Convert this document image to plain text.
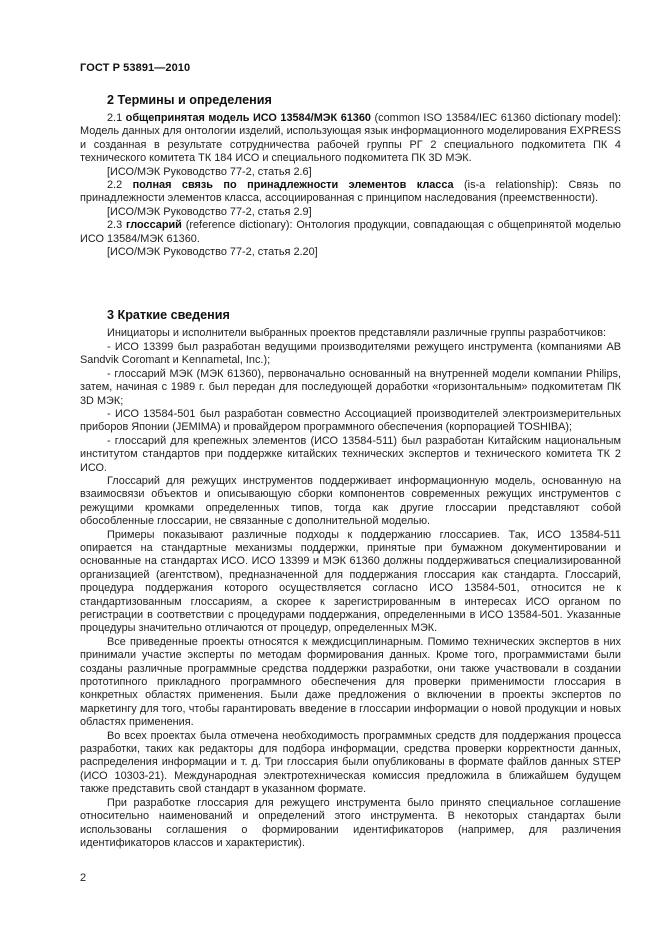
ГОСТ Р 53891—2010
2 Термины и определения

2.1 общепринятая модель ИСО 13584/МЭК 61360 (common ISO 13584/IEC 61360 dictionary model): Модель данных для онтологии изделий, использующая язык информационного моделирования EXPRESS и созданная в результате сотрудничества рабочей группы РГ 2 специального подкомитета ПК 4 технического комитета ТК 184 ИСО и специального подкомитета ПК 3D МЭК.

[ИСО/МЭК Руководство 77-2, статья 2.6]

2.2 полная связь по принадлежности элементов класса (is-a relationship): Связь по принадлежности элементов класса, ассоциированная с принципом наследования (преемственности).

[ИСО/МЭК Руководство 77-2, статья 2.9]

2.3 глоссарий (reference dictionary): Онтология продукции, совпадающая с общепринятой моделью ИСО 13584/МЭК 61360.

[ИСО/МЭК Руководство 77-2, статья 2.20]

3 Краткие сведения

Инициаторы и исполнители выбранных проектов представляли различные группы разработчиков:

- ИСО 13399 был разработан ведущими производителями режущего инструмента (компаниями AB Sandvik Coromant и Kennametal, Inc.);

- глоссарий МЭК (МЭК 61360), первоначально основанный на внутренней модели компании Philips, затем, начиная с 1989 г. был передан для последующей доработки «горизонтальным» подкомитетам ПК 3D МЭК;

- ИСО 13584-501 был разработан совместно Ассоциацией производителей электроизмерительных приборов Японии (JEMIMA) и провайдером программного обеспечения (корпорацией TOSHIBA);

- глоссарий для крепежных элементов (ИСО 13584-511) был разработан Китайским национальным институтом стандартов при поддержке китайских технических экспертов и технического комитета ТК 2 ИСО.

Глоссарий для режущих инструментов поддерживает информационную модель, основанную на взаимосвязи объектов и описывающую сборки компонентов современных режущих инструментов с режущими кромками определенных типов, тогда как другие глоссарии представляют собой обособленные глоссарии, не связанные с дополнительной моделью.

Примеры показывают различные подходы к поддержанию глоссариев. Так, ИСО 13584-511 опирается на стандартные механизмы поддержки, принятые при бумажном документировании и основанные на стандартах ИСО. ИСО 13399 и МЭК 61360 должны поддерживаться специализированной организацией (агентством), предназначенной для поддержания глоссария как стандарта. Глоссарий, процедура поддержания которого осуществляется согласно ИСО 13584-501, относится не к стандартизованным глоссариям, а скорее к зарегистрированным в интересах ИСО органом по регистрации в соответствии с процедурами поддержания, определенными в ИСО 13584-501. Указанные процедуры значительно отличаются от процедур, определенных МЭК.

Все приведенные проекты относятся к междисциплинарным. Помимо технических экспертов в них принимали участие эксперты по методам формирования данных. Кроме того, программистами были созданы различные программные средства поддержки разработки, они также участвовали в создании прототипного прикладного программного обеспечения для проверки применимости глоссария в конкретных областях применения. Были даже предложения о включении в проекты экспертов по маркетингу для того, чтобы гарантировать введение в глоссарии информации о новой продукции и новых областях применения.

Во всех проектах была отмечена необходимость программных средств для поддержания процесса разработки, таких как редакторы для подбора информации, средства проверки корректности данных, распределения информации и т. д. Три глоссария были опубликованы в формате файлов данных STEP (ИСО 10303-21). Международная электротехническая комиссия предложила в ближайшем будущем также представить свой стандарт в указанном формате.

При разработке глоссария для режущего инструмента было принято специальное соглашение относительно наименований и определений этого инструмента. В некоторых стандартах были использованы соглашения о формировании идентификаторов (например, для различения идентификаторов классов и характеристик).

2
